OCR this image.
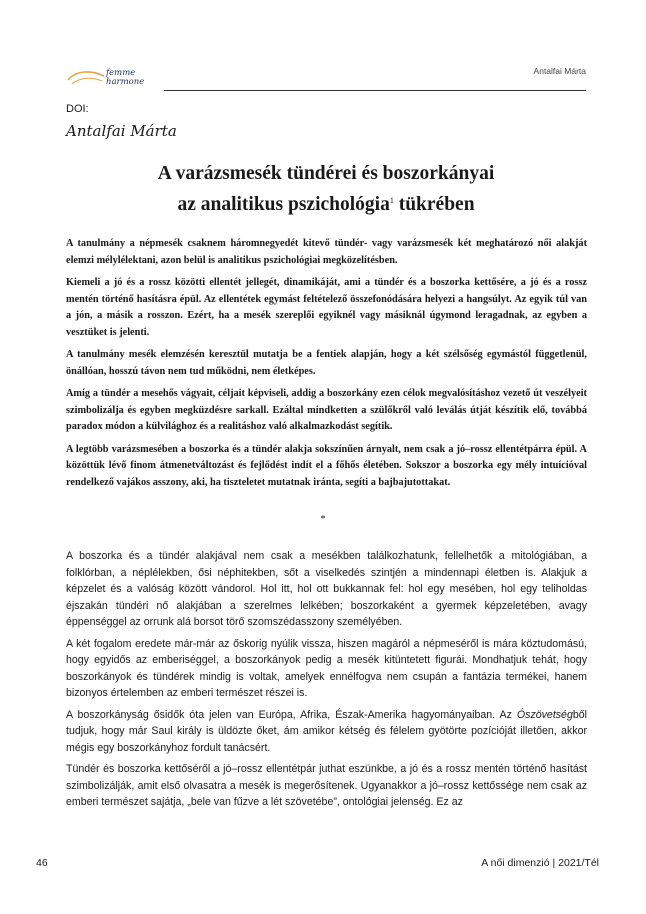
femme
harmone
Antalfai Márta
DOI:
Antalfai Márta
A varázsmesék tündérei és boszorkányai
az analitikus pszichológia$^1$ tükrében

A tanulmány a népmesék csaknem háromnegyedét kitevő tündér- vagy varázsmesék két meghatározó női alakját elemzi mélylélektani, azon belül is analitikus pszichológiai megközelítésben.

Kiemeli a jó és a rossz közötti ellentét jellegét, dinamikáját, ami a tündér és a boszorka kettősére, a jó és a rossz mentén történő hasításra épül. Az ellentétek egymást feltételező összefonódására helyezi a hangsúlyt. Az egyik túl van a jón, a másik a rosszon. Ezért, ha a mesék szereplői egyiknél vagy másiknál úgymond leragadnak, az egyben a vesztüket is jelenti.

A tanulmány mesék elemzésén keresztül mutatja be a fentiek alapján, hogy a két szélsőség egymástól függetlenül, önállóan, hosszú távon nem tud működni, nem életképes.

Amíg a tündér a mesehős vágyait, céljait képviseli, addig a boszorkány ezen célok megvalósításhoz vezető út veszélyeit szimbolizálja és egyben megküzdésre sarkall. Ezáltal mindketten a szülőkről való leválás útját készítik elő, továbbá paradox módon a külvilághoz és a realitáshoz való alkalmazkodást segítik.

A legtöbb varázsmesében a boszorka és a tündér alakja sokszínűen árnyalt, nem csak a jó–rossz ellentétpárra épül. A közöttük lévő finom átmenetváltozást és fejlődést indít el a főhős életében. Sokszor a boszorka egy mély intuícióval rendelkező vajákos asszony, aki, ha tiszteletet mutatnak iránta, segíti a bajbajutottakat.

*

A boszorka és a tündér alakjával nem csak a mesékben találkozhatunk, fellelhetők a mitológiában, a folklórban, a néplélekben, ősi néphitekben, sőt a viselkedés szintjén a mindennapi életben is. Alakjuk a képzelet és a valóság között vándorol. Hol itt, hol ott bukkannak fel: hol egy mesében, hol egy teliholdas éjszakán tündéri nő alakjában a szerelmes lelkében; boszorkaként a gyermek képzeletében, avagy éppenséggel az orrunk alá borsot törő szomszédasszony személyében.

A két fogalom eredete már-már az őskorig nyúlik vissza, hiszen magáról a népmeséről is mára köztudomású, hogy egyidős az emberiséggel, a boszorkányok pedig a mesék kitüntetett figurái. Mondhatjuk tehát, hogy boszorkányok és tündérek mindig is voltak, amelyek ennélfogva nem csupán a fantázia termékei, hanem bizonyos értelemben az emberi természet részei is.

A boszorkányság ősidők óta jelen van Európa, Afrika, Észak-Amerika hagyományaiban. Az Ószövetségből tudjuk, hogy már Saul király is üldözte őket, ám amikor kétség és félelem gyötörte pozícióját illetően, akkor mégis egy boszorkányhoz fordult tanácsért.

Tündér és boszorka kettőséről a jó–rossz ellentétpár juthat eszünkbe, a jó és a rossz mentén történő hasítást szimbolizálják, amit első olvasatra a mesék is megerősítenek. Ugyanakkor a jó–rossz kettőssége nem csak az emberi természet sajátja, „bele van fűzve a lét szövetébe”, ontológiai jelenség. Ez az

46	A női dimenzió | 2021/Tél
